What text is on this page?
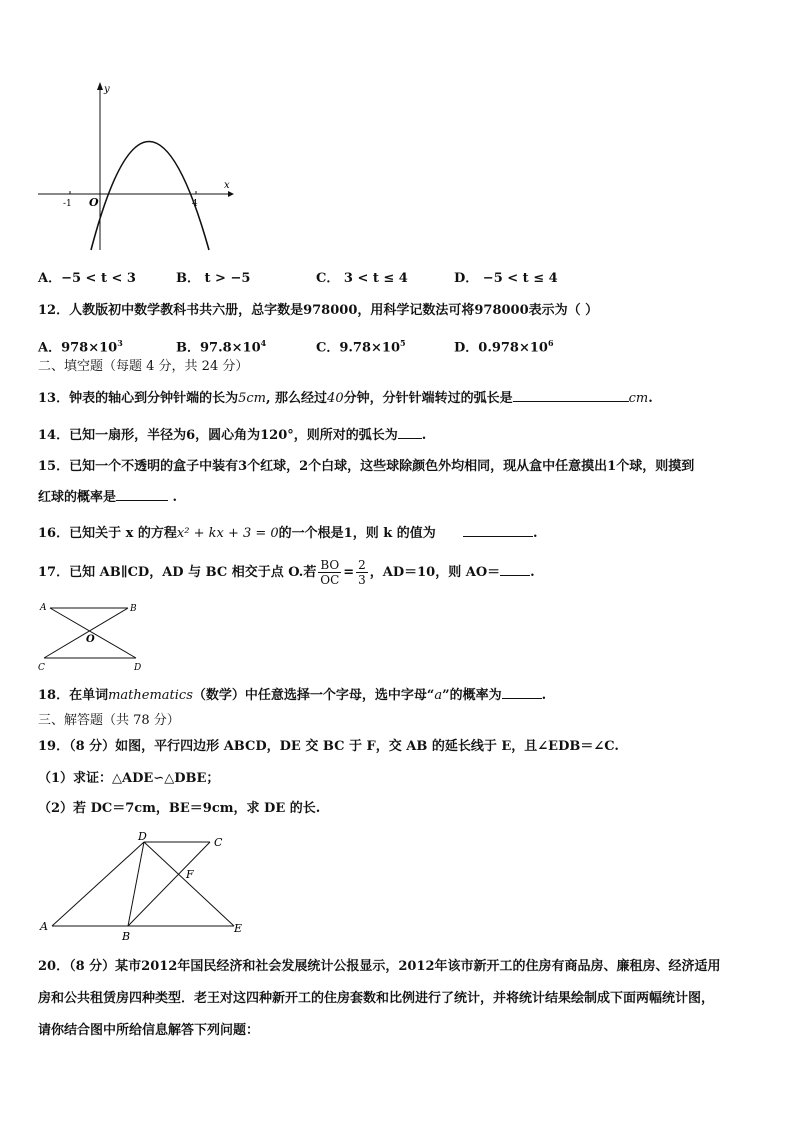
y
x
O
-1	4
A．−5 < t < 3	B． t > −5	C． 3 < t ≤ 4	D． −5 < t ≤ 4
12．人教版初中数学教科书共六册，总字数是978000，用科学记数法可将978000表示为（ ）
A．$978\times 10^3$	B．$97.8\times 10^4$	C．$9.78\times 10^5$	D．$0.978\times 10^6$
二、填空题（每题 4 分，共 24 分）
13．钟表的轴心到分钟针端的长为5cm, 那么经过40分钟，分针针端转过的弧长是	cm.
14．已知一扇形，半径为6，圆心角为120°，则所对的弧长为 .
15．已知一个不透明的盒子中装有3个红球，2个白球，这些球除颜色外均相同，现从盒中任意摸出1个球，则摸到
红球的概率是	.
16．已知关于 x 的方程x² + kx + 3 = 0的一个根是1，则 k 的值为	.
17．已知 AB∥CD，AD 与 BC 相交于点 O.若 $\frac{BO}{OC} = \frac{2}{3}$ ，AD＝10，则 AO＝ .
A	B
C	D
O
18．在单词mathematics（数学）中任意选择一个字母，选中字母“a”的概率为	.
三、解答题（共 78 分）
19．（8 分）如图，平行四边形 ABCD，DE 交 BC 于 F，交 AB 的延长线于 E，且∠EDB＝∠C.
（1）求证：△ADE∽△DBE；
（2）若 DC＝7cm，BE＝9cm，求 DE 的长.
A
B
C
D
E
F
20．（8 分）某市2012年国民经济和社会发展统计公报显示，2012年该市新开工的住房有商品房、廉租房、经济适用
房和公共租赁房四种类型．老王对这四种新开工的住房套数和比例进行了统计，并将统计结果绘制成下面两幅统计图，
请你结合图中所给信息解答下列问题：
